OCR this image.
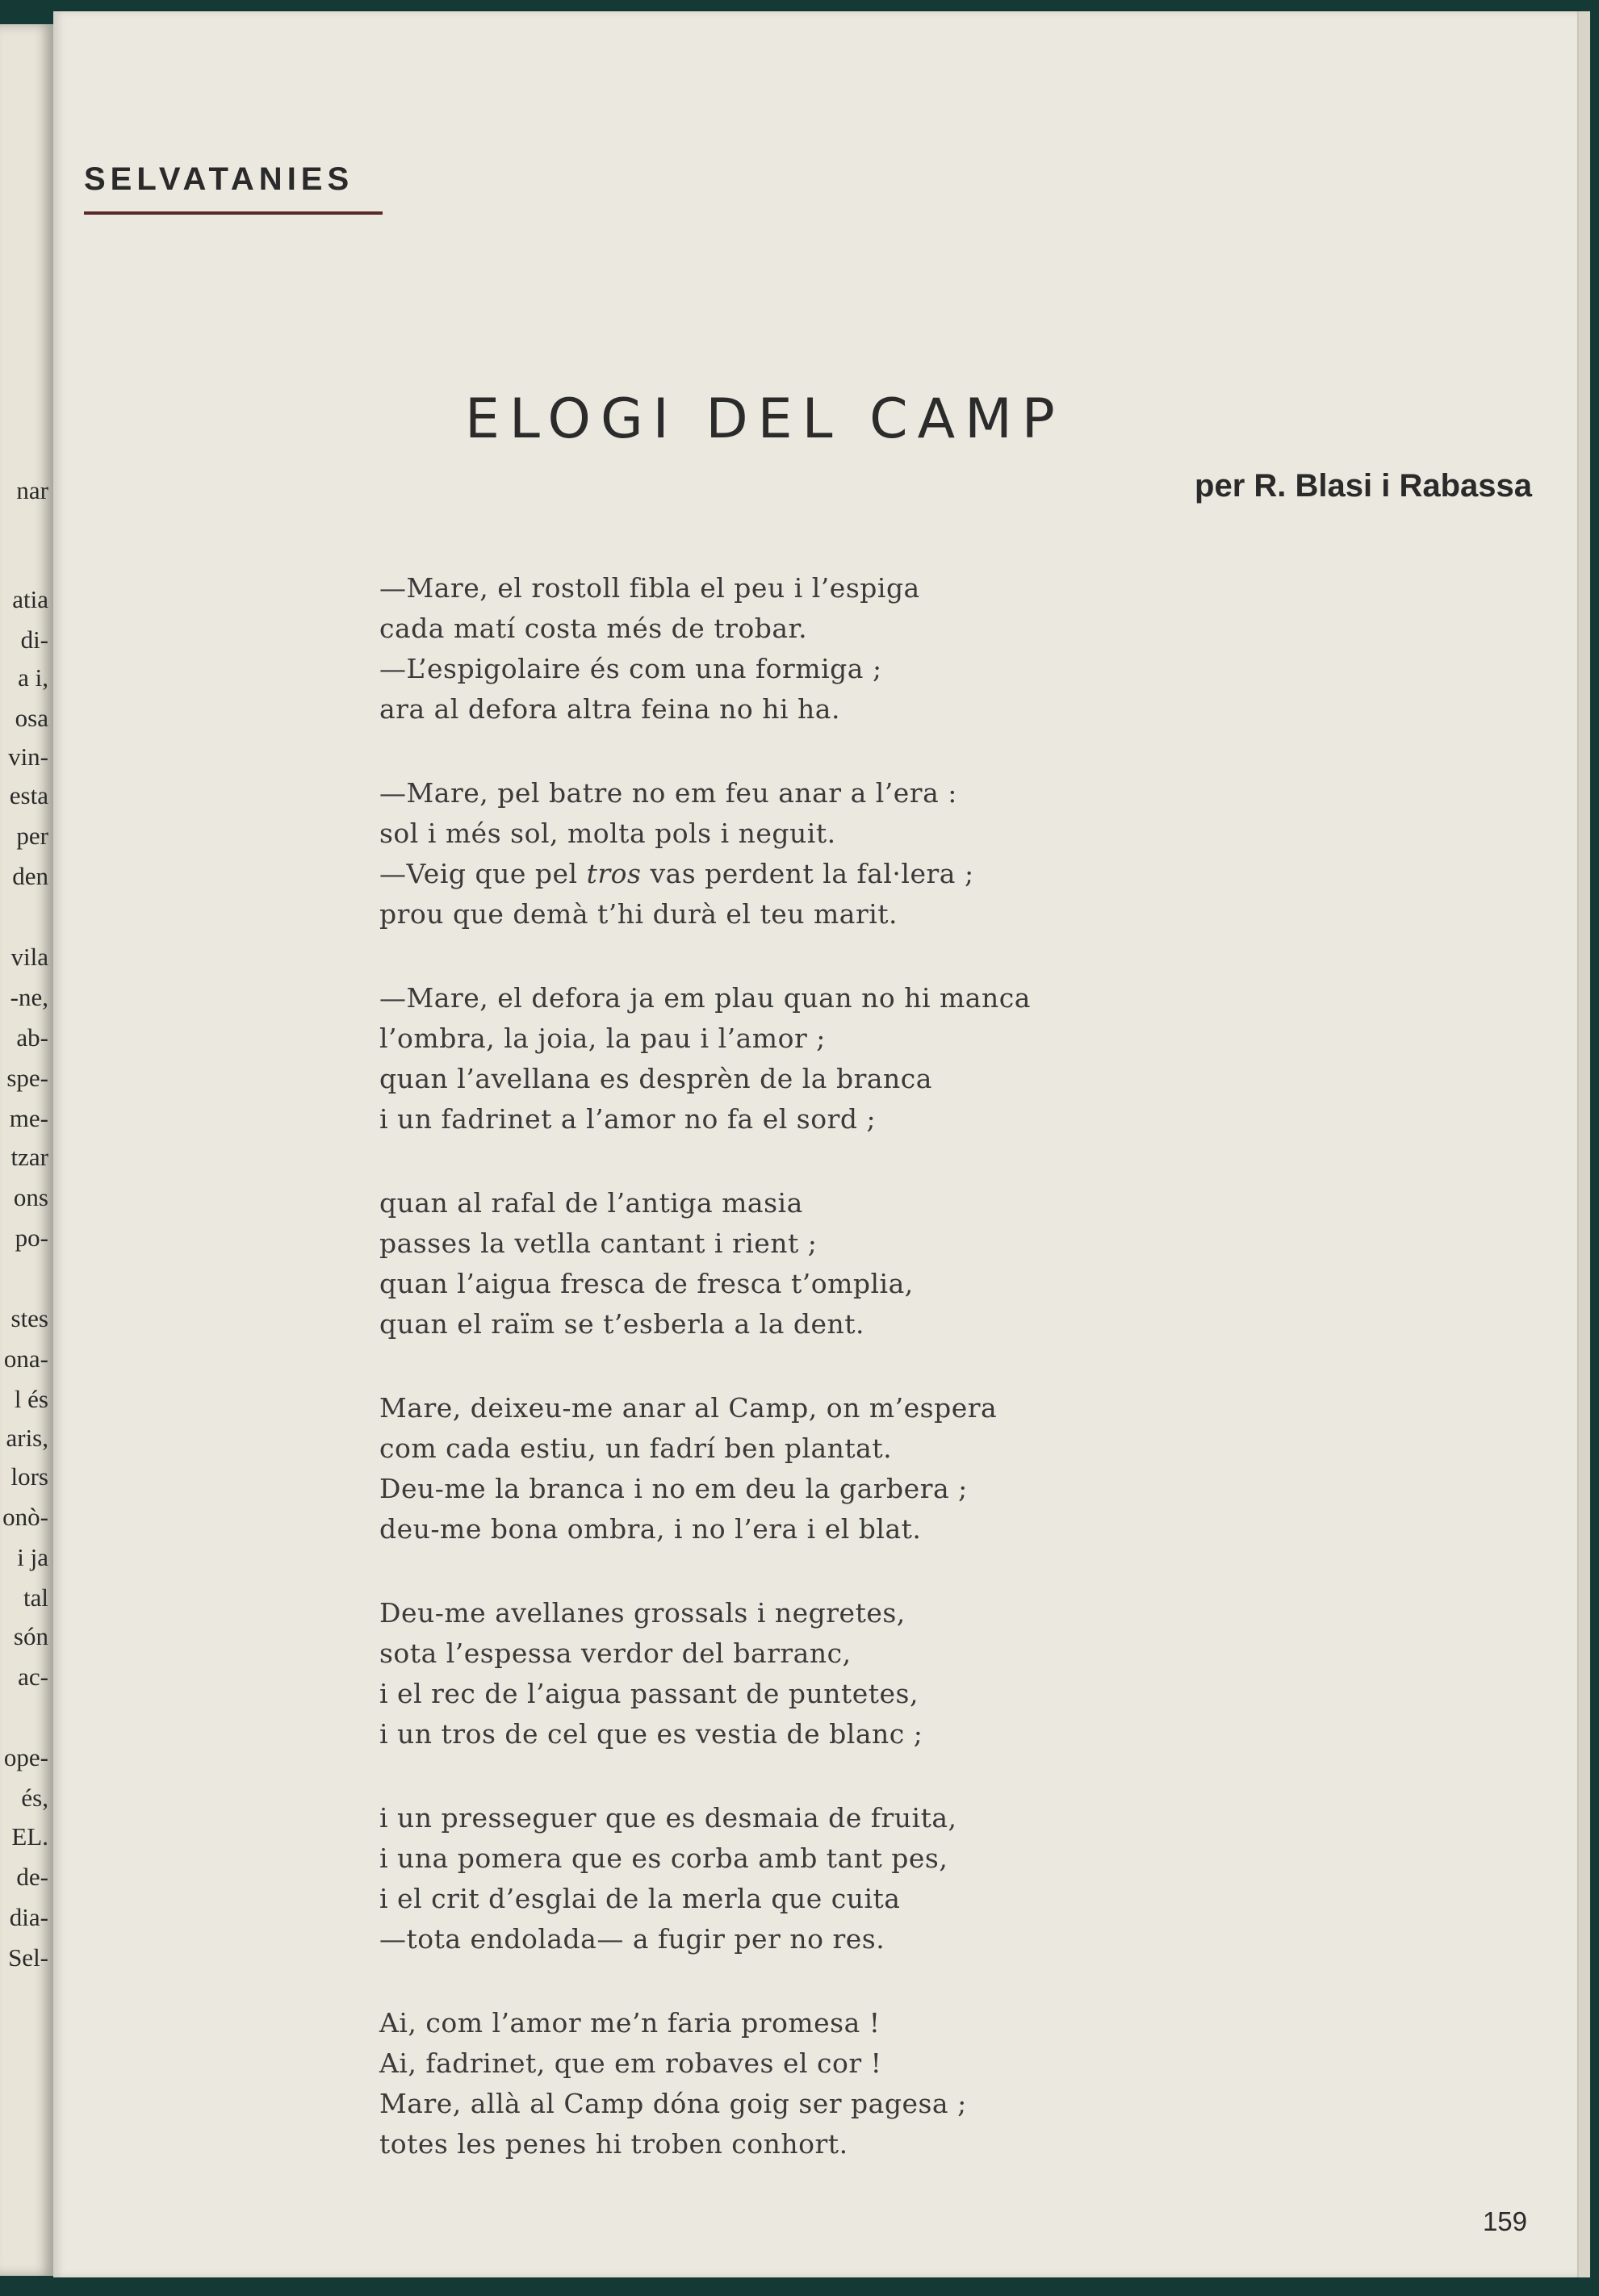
nar
atia
di-
a i,
osa
vin-
esta
per
den
vila
-ne,
ab-
spe-
me-
tzar
ons
po-
stes
ona-
l és
aris,
lors
onò-
i ja
tal
són
ac-
ope-
és,
EL.
de-
dia-
Sel-
SELVATANIES
ELOGI DEL CAMP
per R. Blasi i Rabassa
—Mare, el rostoll fibla el peu i l’espiga
cada matí costa més de trobar.
—L’espigolaire és com una formiga ;
ara al defora altra feina no hi ha.
—Mare, pel batre no em feu anar a l’era :
sol i més sol, molta pols i neguit.
—Veig que pel tros vas perdent la fal·lera ;
prou que demà t’hi durà el teu marit.
—Mare, el defora ja em plau quan no hi manca
l’ombra, la joia, la pau i l’amor ;
quan l’avellana es desprèn de la branca
i un fadrinet a l’amor no fa el sord ;
quan al rafal de l’antiga masia
passes la vetlla cantant i rient ;
quan l’aigua fresca de fresca t’omplia,
quan el raïm se t’esberla a la dent.
Mare, deixeu-me anar al Camp, on m’espera
com cada estiu, un fadrí ben plantat.
Deu-me la branca i no em deu la garbera ;
deu-me bona ombra, i no l’era i el blat.
Deu-me avellanes grossals i negretes,
sota l’espessa verdor del barranc,
i el rec de l’aigua passant de puntetes,
i un tros de cel que es vestia de blanc ;
i un presseguer que es desmaia de fruita,
i una pomera que es corba amb tant pes,
i el crit d’esglai de la merla que cuita
—tota endolada— a fugir per no res.
Ai, com l’amor me’n faria promesa !
Ai, fadrinet, que em robaves el cor !
Mare, allà al Camp dóna goig ser pagesa ;
totes les penes hi troben conhort.
159
